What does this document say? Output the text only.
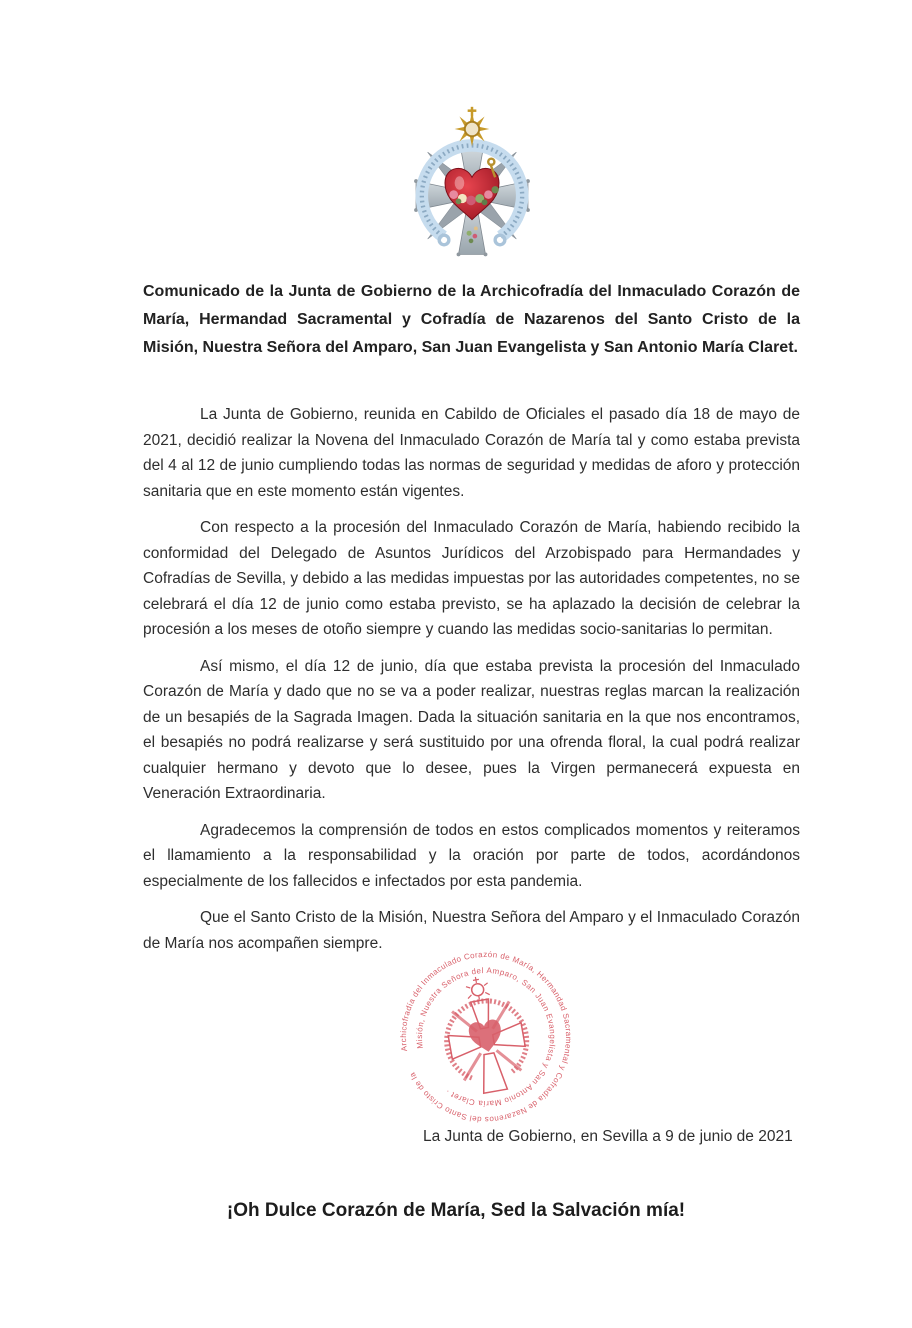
Comunicado de la Junta de Gobierno de la Archicofradía del Inmaculado Corazón de María, Hermandad Sacramental y Cofradía de Nazarenos del Santo Cristo de la Misión, Nuestra Señora del Amparo, San Juan Evangelista y San Antonio María Claret.

La Junta de Gobierno, reunida en Cabildo de Oficiales el pasado día 18 de mayo de 2021, decidió realizar la Novena del Inmaculado Corazón de María tal y como estaba prevista del 4 al 12 de junio cumpliendo todas las normas de seguridad y medidas de aforo y protección sanitaria que en este momento están vigentes.

Con respecto a la procesión del Inmaculado Corazón de María, habiendo recibido la conformidad del Delegado de Asuntos Jurídicos del Arzobispado para Hermandades y Cofradías de Sevilla, y debido a las medidas impuestas por las autoridades competentes, no se celebrará el día 12 de junio como estaba previsto, se ha aplazado la decisión de celebrar la procesión a los meses de otoño siempre y cuando las medidas socio-sanitarias lo permitan.

Así mismo, el día 12 de junio, día que estaba prevista la procesión del Inmaculado Corazón de María y dado que no se va a poder realizar, nuestras reglas marcan la realización de un besapiés de la Sagrada Imagen. Dada la situación sanitaria en la que nos encontramos, el besapiés no podrá realizarse y será sustituido por una ofrenda floral, la cual podrá realizar cualquier hermano y devoto que lo desee, pues la Virgen permanecerá expuesta en Veneración Extraordinaria.

Agradecemos la comprensión de todos en estos complicados momentos y reiteramos el llamamiento a la responsabilidad y la oración por parte de todos, acordándonos especialmente de los fallecidos e infectados por esta pandemia.

Que el Santo Cristo de la Misión, Nuestra Señora del Amparo y el Inmaculado Corazón de María nos acompañen siempre.

Archicofradía del Inmaculado Corazón de María, Hermandad Sacramental y Cofradía de Nazarenos del Santo Cristo de la
Misión, Nuestra Señora del Amparo, San Juan Evangelista y San Antonio María Claret ·
La Junta de Gobierno, en Sevilla a 9 de junio de 2021
¡Oh Dulce Corazón de María, Sed la Salvación mía!
